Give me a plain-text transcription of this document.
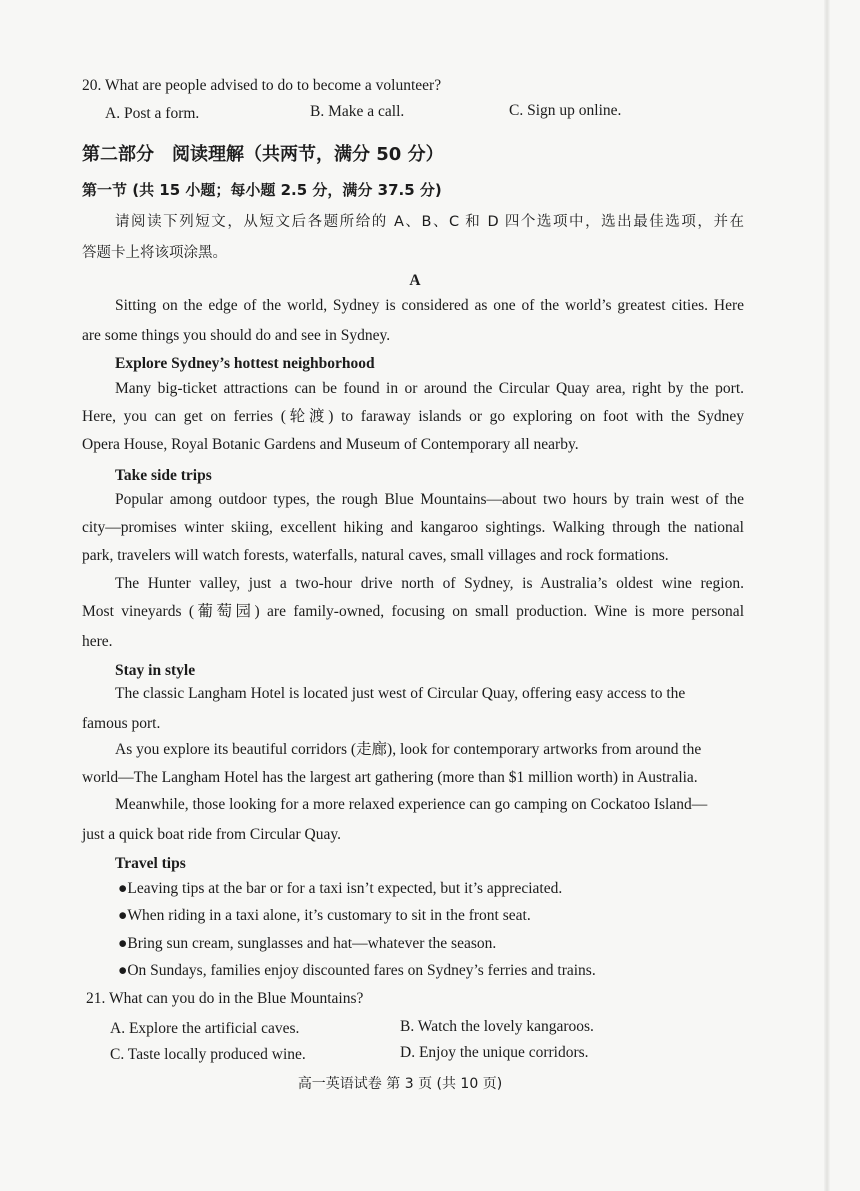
20. What are people advised to do to become a volunteer?
A. Post a form.	B. Make a call.	C. Sign up online.
第二部分　阅读理解（共两节，满分 50 分）
第一节 (共 15 小题；每小题 2.5 分，满分 37.5 分)
请阅读下列短文，从短文后各题所给的 A、B、C 和 D 四个选项中，选出最佳选项，并在
答题卡上将该项涂黑。
A
Sitting on the edge of the world, Sydney is considered as one of the world’s greatest cities. Here
are some things you should do and see in Sydney.
Explore Sydney’s hottest neighborhood
Many big-ticket attractions can be found in or around the Circular Quay area, right by the port.
Here, you can get on ferries (轮渡) to faraway islands or go exploring on foot with the Sydney
Opera House, Royal Botanic Gardens and Museum of Contemporary all nearby.
Take side trips
Popular among outdoor types, the rough Blue Mountains—about two hours by train west of the
city—promises winter skiing, excellent hiking and kangaroo sightings. Walking through the national
park, travelers will watch forests, waterfalls, natural caves, small villages and rock formations.
The Hunter valley, just a two-hour drive north of Sydney, is Australia’s oldest wine region.
Most vineyards (葡萄园) are family-owned, focusing on small production. Wine is more personal
here.
Stay in style
The classic Langham Hotel is located just west of Circular Quay, offering easy access to the
famous port.
As you explore its beautiful corridors (走廊), look for contemporary artworks from around the
world—The Langham Hotel has the largest art gathering (more than $1 million worth) in Australia.
Meanwhile, those looking for a more relaxed experience can go camping on Cockatoo Island—
just a quick boat ride from Circular Quay.
Travel tips
●Leaving tips at the bar or for a taxi isn’t expected, but it’s appreciated.
●When riding in a taxi alone, it’s customary to sit in the front seat.
●Bring sun cream, sunglasses and hat—whatever the season.
●On Sundays, families enjoy discounted fares on Sydney’s ferries and trains.
21. What can you do in the Blue Mountains?
A. Explore the artificial caves.	B. Watch the lovely kangaroos.
C. Taste locally produced wine.	D. Enjoy the unique corridors.
高一英语试卷 第 3 页 (共 10 页)
